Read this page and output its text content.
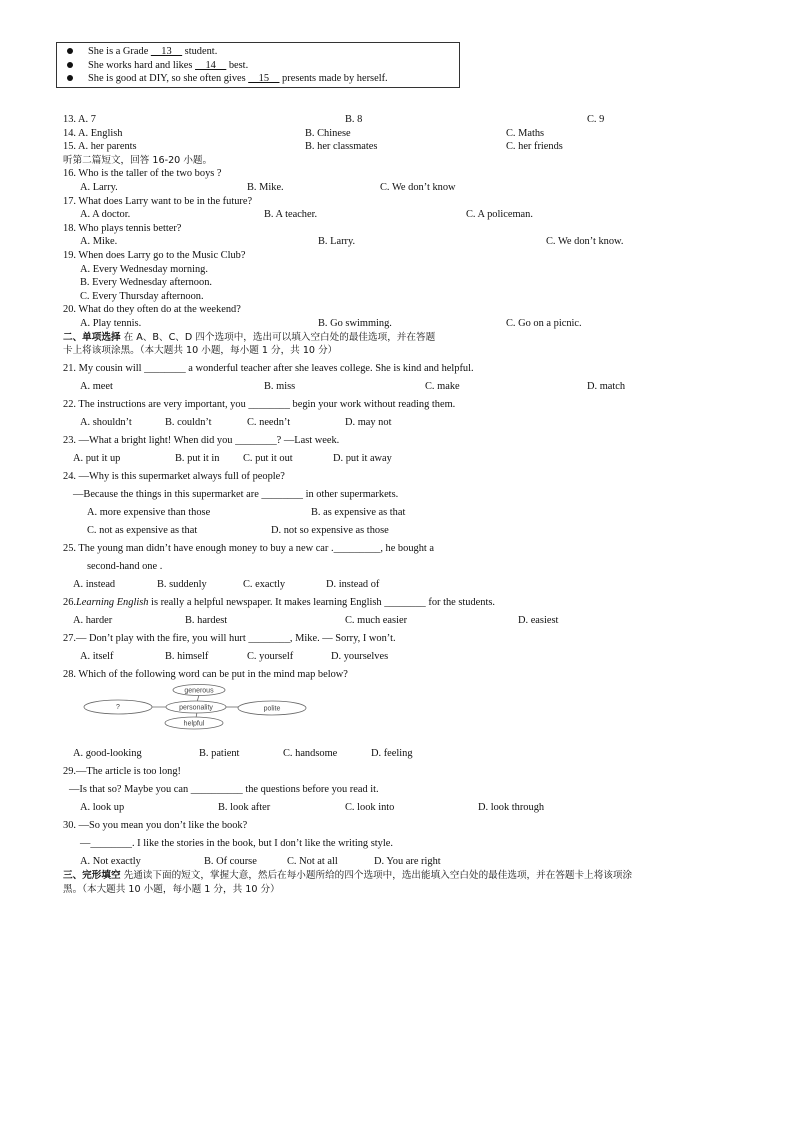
She is a Grade __13__ student.
She works hard and likes __14__ best.
She is good at DIY, so she often gives __15__ presents made by herself.
13. A. 7	B. 8	C. 9
14. A. English	B. Chinese	C. Maths
15. A. her parents	B. her classmates	C. her friends
听第二篇短文，回答 16-20 小题。
16. Who is the taller of the two boys ?
A. Larry.	B. Mike.	C. We don’t know
17. What does Larry want to be in the future?
A. A doctor.	B. A teacher.	C. A policeman.
18. Who plays tennis better?
A. Mike.	B. Larry.	C. We don’t know.
19. When does Larry go to the Music Club?
A. Every Wednesday morning.
B. Every Wednesday afternoon.
C. Every Thursday afternoon.
20. What do they often do at the weekend?
A. Play tennis.	B. Go swimming.	C. Go on a picnic.
二、单项选择 在 A、B、C、D 四个选项中，选出可以填入空白处的最佳选项，并在答题
卡上将该项涂黑。（本大题共 10 小题，每小题 1 分，共 10 分）
21. My cousin will ________ a wonderful teacher after she leaves college. She is kind and helpful.
A. meet	B. miss	C. make	D. match
22. The instructions are very important, you ________ begin your work without reading them.
A. shouldn’t	B. couldn’t	C. needn’t	D. may not
23. —What a bright light! When did you ________? —Last week.
A. put it up	B. put it in C. put it out	D. put it away
24. —Why is this supermarket always full of people?
—Because the things in this supermarket are ________ in other supermarkets.
A. more expensive than those	B. as expensive as that
C. not as expensive as that	D. not so expensive as those
25. The young man didn’t have enough money to buy a new car ._________, he bought a
second-hand one .
A. instead	B. suddenly	C. exactly	D. instead of
26.Learning English is really a helpful newspaper. It makes learning English ________ for the students.
A. harder	B. hardest	C. much easier	D. easiest
27.— Don’t play with the fire, you will hurt ________, Mike. — Sorry, I won’t.
A. itself	B. himself	C. yourself	D. yourselves
28. Which of the following word can be put in the mind map below?
?
generous
personality
helpful
polite
A. good-looking	B. patient	C. handsome	D. feeling
29.—The article is too long!
—Is that so? Maybe you can __________ the questions before you read it.
A. look up	B. look after	C. look into	D. look through
30. —So you mean you don’t like the book?
—________. I like the stories in the book, but I don’t like the writing style.
A. Not exactly	B. Of course	C. Not at all	D. You are right
三、完形填空 先通读下面的短文，掌握大意，然后在每小题所给的四个选项中，选出能填入空白处的最佳选项，并在答题卡上将该项涂
黑。（本大题共 10 小题，每小题 1 分，共 10 分）
